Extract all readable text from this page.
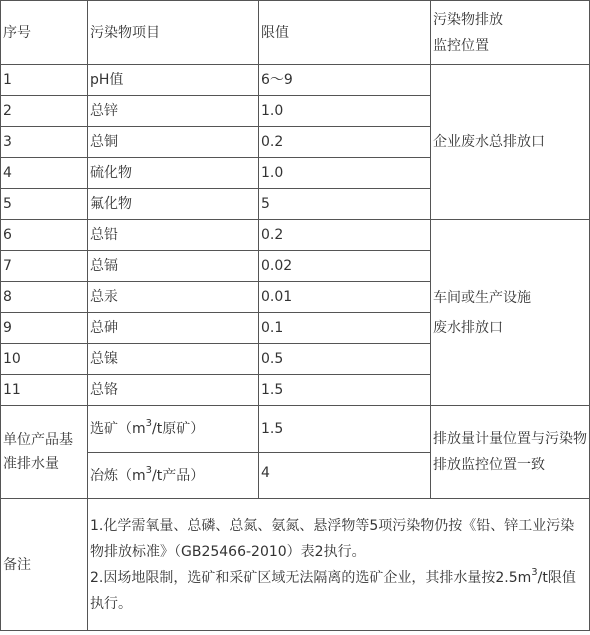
序号	污染物项目	限值	污染物排放
监控位置
1	pH值	6～9	企业废水总排放口
2	总锌	1.0	
3	总铜	0.2	
4	硫化物	1.0	
5	氟化物	5	
6	总铅	0.2	车间或生产设施
废水排放口
7	总镉	0.02	
8	总汞	0.01	
9	总砷	0.1	
10	总镍	0.5	
11	总铬	1.5	
单位产品基准排水量	选矿（$m^3/t$原矿）	1.5	排放量计量位置与污染物排放监控位置一致
	冶炼（$m^3/t$产品）	4	
备注	1.化学需氧量、总磷、总氮、氨氮、悬浮物等5项污染物仍按《铅、锌工业污染物排放标准》（GB25466-2010）表2执行。
2.因场地限制，选矿和采矿区域无法隔离的选矿企业，其排水量按$2.5m^3/t$限值执行。		
